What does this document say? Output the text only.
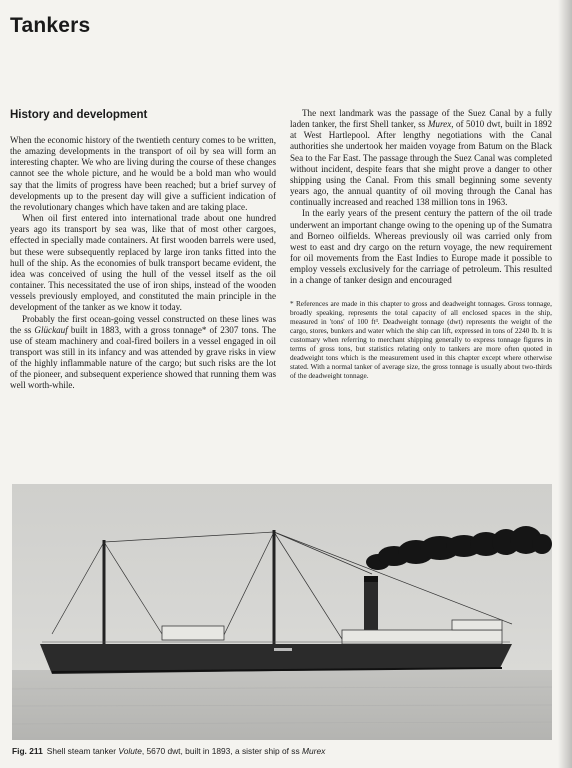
Tankers
History and development

When the economic history of the twentieth century comes to be written, the amazing developments in the transport of oil by sea will form an interesting chapter. We who are living during the course of these changes cannot see the whole picture, and he would be a bold man who would say that the limits of progress have been reached; but a brief survey of developments up to the present day will give a sufficient indication of the revolutionary changes which have taken and are taking place.

When oil first entered into international trade about one hundred years ago its transport by sea was, like that of most other cargoes, effected in specially made containers. At first wooden barrels were used, but these were subsequently replaced by large iron tanks fitted into the hull of the ship. As the economies of bulk transport became evident, the idea was conceived of using the hull of the vessel itself as the oil container. This necessitated the use of iron ships, instead of the wooden vessels previously employed, and constituted the main principle in the development of the tanker as we know it today.

Probably the first ocean-going vessel constructed on these lines was the ss Glückauf built in 1883, with a gross tonnage* of 2307 tons. The use of steam machinery and coal-fired boilers in a vessel engaged in oil transport was still in its infancy and was attended by grave risks in view of the highly inflammable nature of the cargo; but such risks are the lot of the pioneer, and subsequent experience showed that running them was well worth-while.

The next landmark was the passage of the Suez Canal by a fully laden tanker, the first Shell tanker, ss Murex, of 5010 dwt, built in 1892 at West Hartlepool. After lengthy negotiations with the Canal authorities she undertook her maiden voyage from Batum on the Black Sea to the Far East. The passage through the Suez Canal was completed without incident, despite fears that she might prove a danger to other shipping using the Canal. From this small beginning some seventy years ago, the annual quantity of oil moving through the Canal has continually increased and reached 138 million tons in 1963.

In the early years of the present century the pattern of the oil trade underwent an important change owing to the opening up of the Sumatra and Borneo oilfields. Whereas previously oil was carried only from west to east and dry cargo on the return voyage, the new requirement for oil movements from the East Indies to Europe made it possible to employ vessels exclusively for the carriage of petroleum. This resulted in a change of tanker design and encouraged

* References are made in this chapter to gross and deadweight tonnages. Gross tonnage, broadly speaking, represents the total capacity of all enclosed spaces in the ship, measured in 'tons' of 100 ft³. Deadweight tonnage (dwt) represents the weight of the cargo, stores, bunkers and water which the ship can lift, expressed in tons of 2240 lb. It is customary when referring to merchant shipping generally to express tonnage figures in terms of gross tons, but statistics relating only to tankers are more often quoted in deadweight tons which is the measurement used in this chapter except where otherwise stated. With a normal tanker of average size, the gross tonnage is usually about two-thirds of the deadweight tonnage.

Fig. 211 Shell steam tanker Volute, 5670 dwt, built in 1893, a sister ship of ss Murex
